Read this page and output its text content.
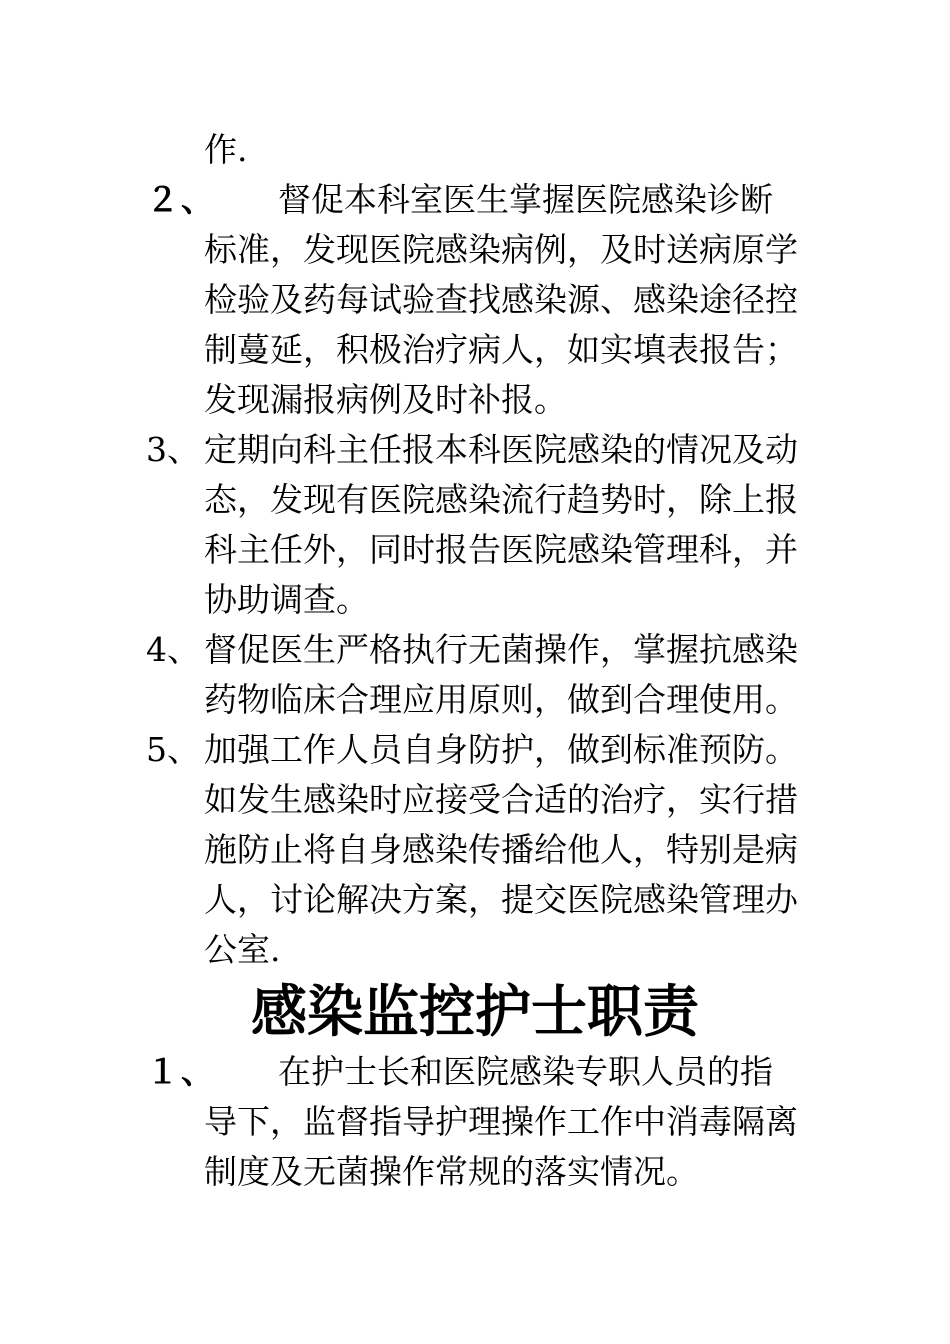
作.
２、 督促本科室医生掌握医院感染诊断
标准，发现医院感染病例，及时送病原学
检验及药每试验查找感染源、感染途径控
制蔓延，积极治疗病人，如实填表报告；
发现漏报病例及时补报。
3、 定期向科主任报本科医院感染的情况及动
态，发现有医院感染流行趋势时，除上报
科主任外，同时报告医院感染管理科，并
协助调查。
4、 督促医生严格执行无菌操作，掌握抗感染
药物临床合理应用原则，做到合理使用。
5、 加强工作人员自身防护，做到标准预防。
如发生感染时应接受合适的治疗，实行措
施防止将自身感染传播给他人，特别是病
人，讨论解决方案，提交医院感染管理办
公室.
感染监控护士职责
１、 在护士长和医院感染专职人员的指
导下，监督指导护理操作工作中消毒隔离
制度及无菌操作常规的落实情况。
